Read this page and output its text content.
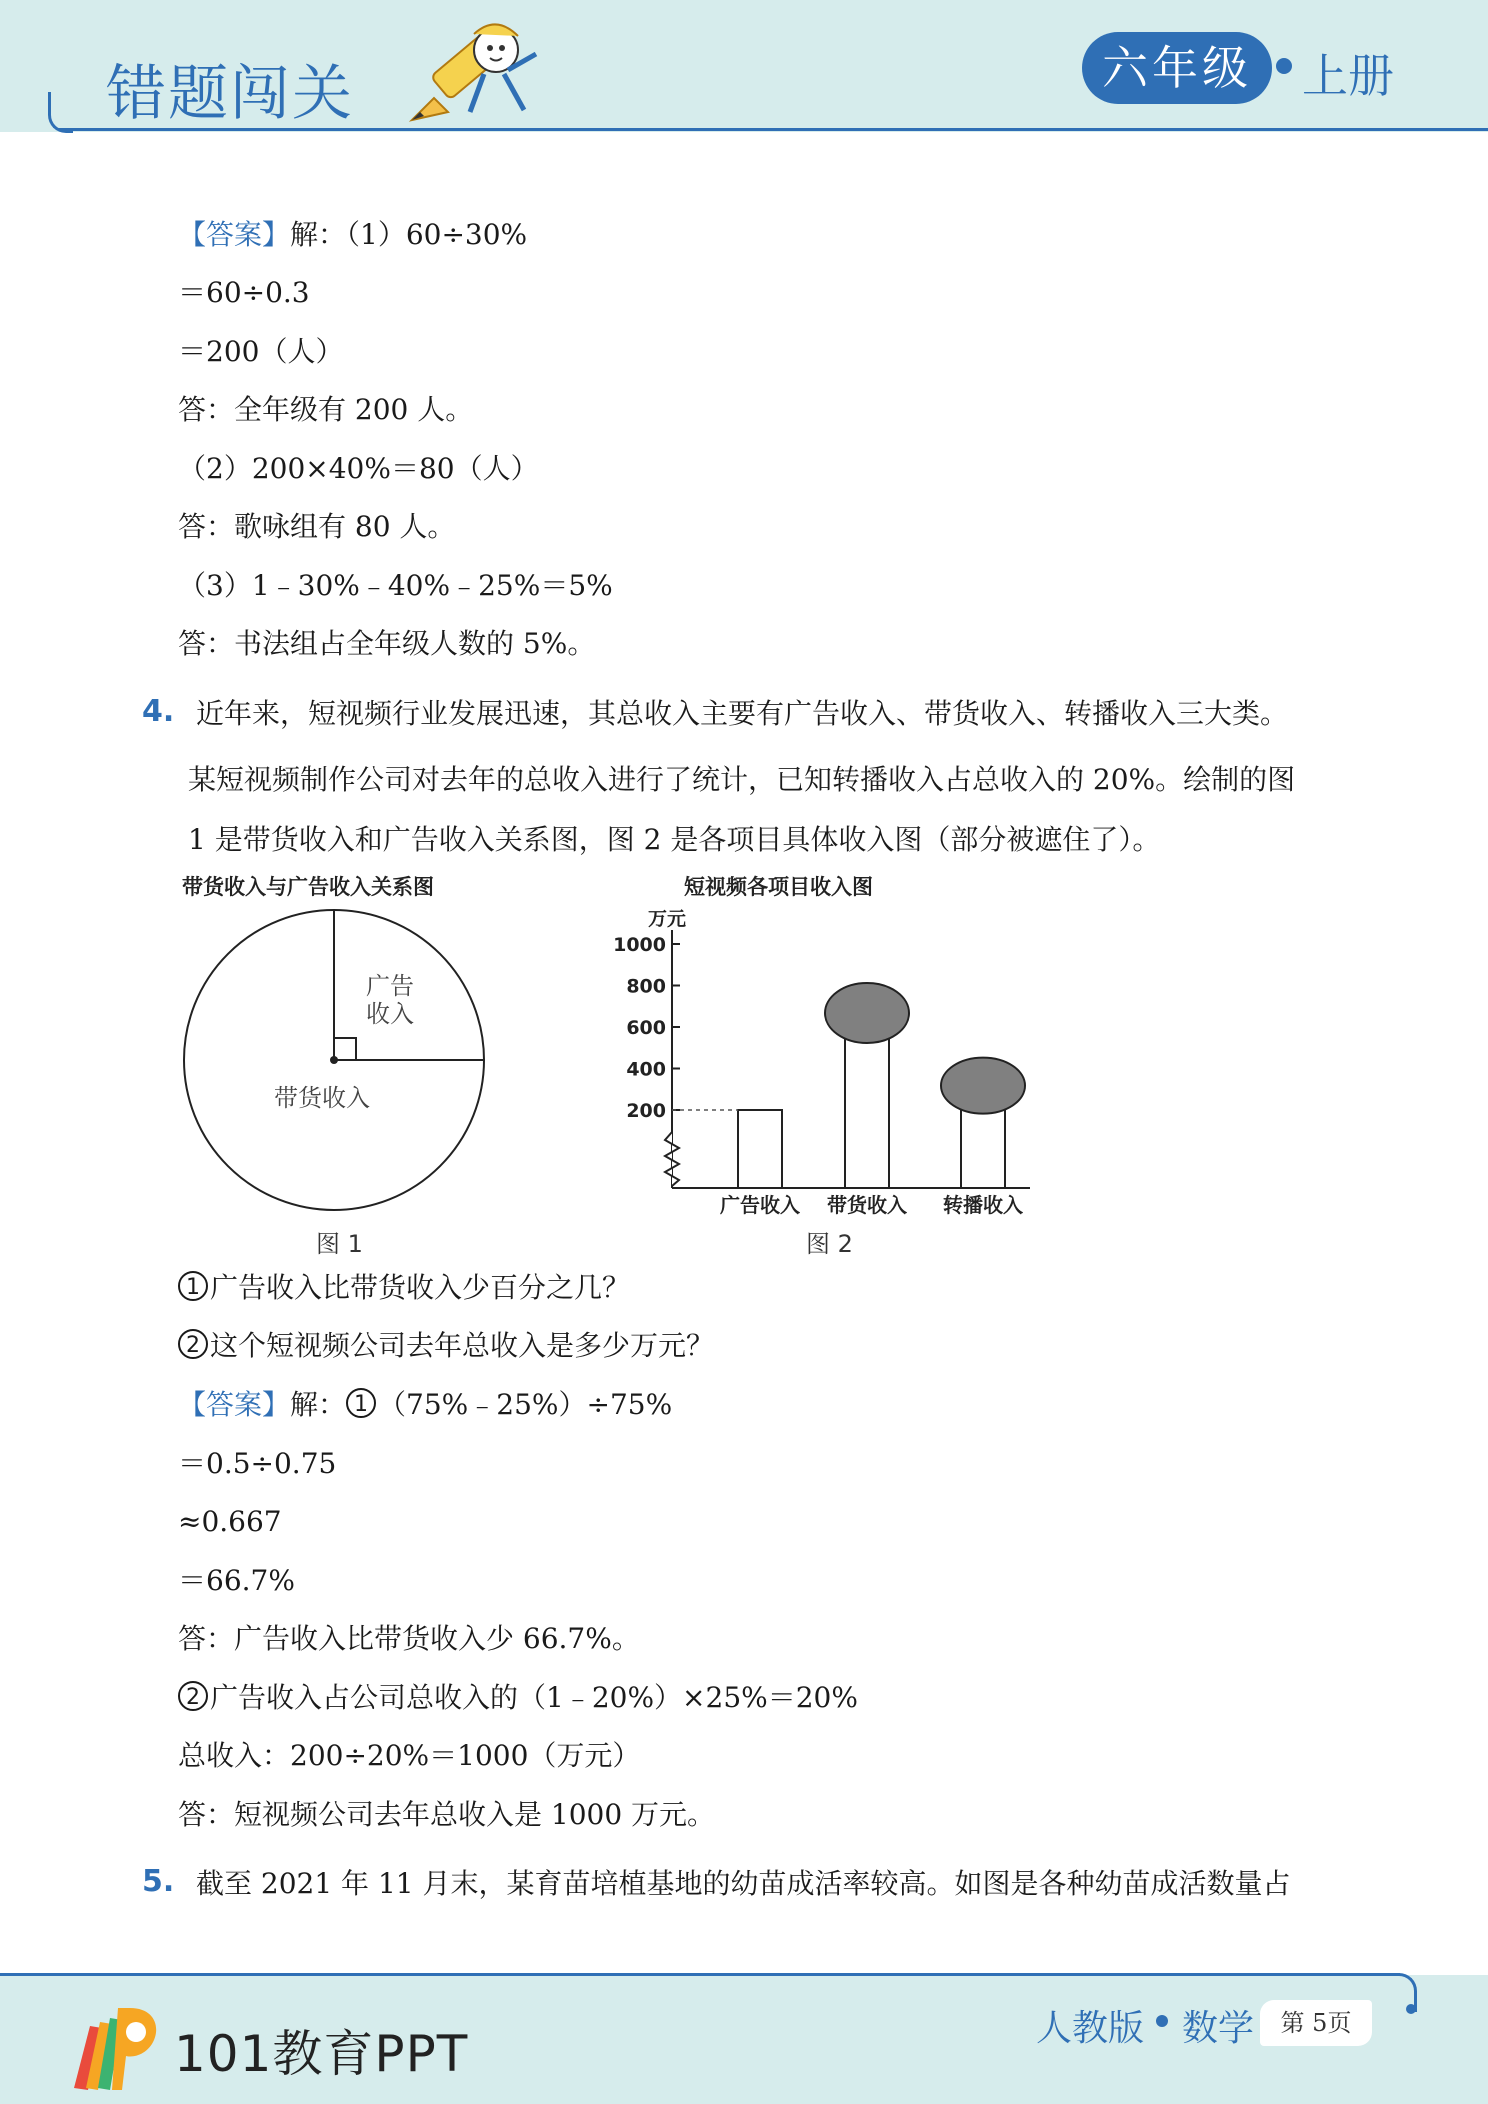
错题闯关	六年级	上册
【答案】解：（1）60÷30%
＝60÷0.3
＝200（人）
答：全年级有 200 人。
（2）200×40%＝80（人）
答：歌咏组有 80 人。
（3）1﹣30%﹣40%﹣25%＝5%
答：书法组占全年级人数的 5%。
4. 近年来，短视频行业发展迅速，其总收入主要有广告收入、带货收入、转播收入三大类。
某短视频制作公司对去年的总收入进行了统计，已知转播收入占总收入的 20%。绘制的图
1 是带货收入和广告收入关系图，图 2 是各项目具体收入图（部分被遮住了）。
带货收入与广告收入关系图
广告
收入
带货收入
图 1
短视频各项目收入图
万元
200
400
600
800
1000
广告收入 带货收入 转播收入
图 2
1 广告收入比带货收入少百分之几？
2 这个短视频公司去年总收入是多少万元？
【答案】解： 1 （75%﹣25%）÷75%
＝0.5÷0.75
≈0.667
＝66.7%
答：广告收入比带货收入少 66.7%。
2 广告收入占公司总收入的（1﹣20%）×25%＝20%
总收入：200÷20%＝1000（万元）
答：短视频公司去年总收入是 1000 万元。
5. 截至 2021 年 11 月末，某育苗培植基地的幼苗成活率较高。如图是各种幼苗成活数量占
101教育PPT	人教版 数学	第 5页
